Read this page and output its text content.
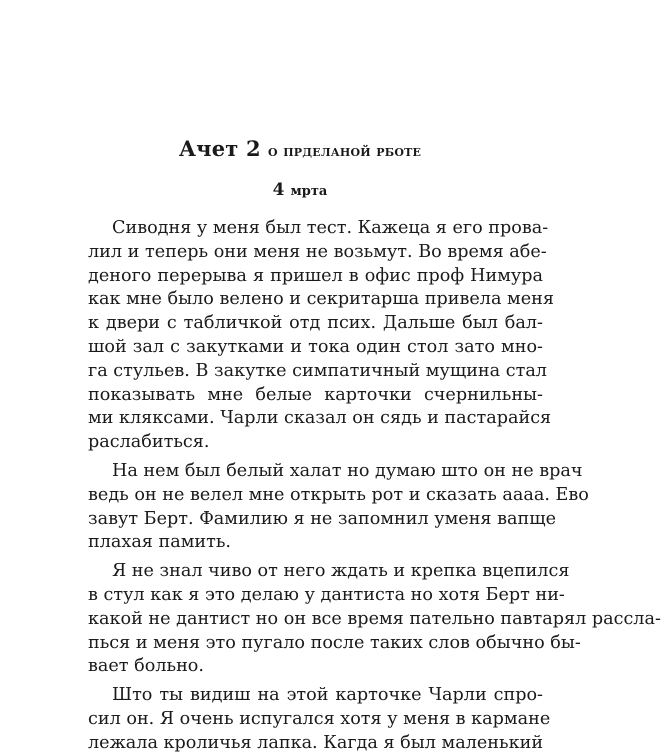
Ачет 2 о прделаной рботе
4 мрта
Сиводня у меня был тест. Кажеца я его прова-
лил и теперь они меня не возьмут. Во время абе-
деного перерыва я пришел в офис проф Нимура
как мне было велено и секритарша привела меня
к двери с табличкой отд псих. Дальше был бал-
шой зал с закутками и тока один стол зато мно-
га стульев. В закутке симпатичный мущина стал
показывать мне белые карточки счернильны-
ми кляксами. Чарли сказал он сядь и пастарайся
раслабиться.
На нем был белый халат но думаю што он не врач
ведь он не велел мне открыть рот и сказать аааа. Ево
завут Берт. Фамилию я не запомнил уменя вапще
плахая памить.
Я не знал чиво от него ждать и крепка вцепился
в стул как я это делаю у дантиста но хотя Берт ни-
какой не дантист но он все время пательно павтарял рассла-
пься и меня это пугало после таких слов обычно бы-
вает больно.
Што ты видиш на этой карточке Чарли спро-
сил он. Я очень испугался хотя у меня в кармане
лежала кроличья лапка. Кагда я был маленький
